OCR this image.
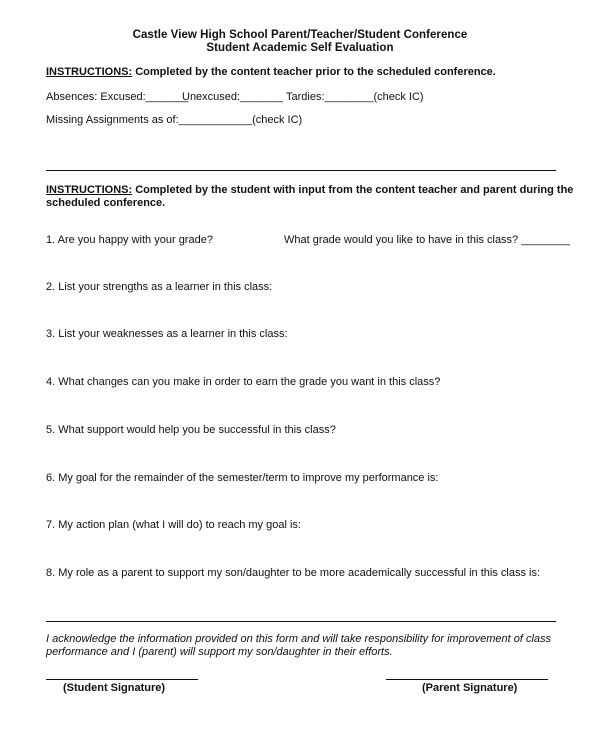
Castle View High School Parent/Teacher/Student Conference
Student Academic Self Evaluation
INSTRUCTIONS: Completed by the content teacher prior to the scheduled conference.
Absences: Excused:_______
Unexcused:_______ Tardies:________(check IC)
Missing Assignments as of:____________(check IC)
INSTRUCTIONS: Completed by the student with input from the content teacher and parent during the
scheduled conference.
1. Are you happy with your grade?	What grade would you like to have in this class? ________
2. List your strengths as a learner in this class:
3. List your weaknesses as a learner in this class:
4. What changes can you make in order to earn the grade you want in this class?
5. What support would help you be successful in this class?
6. My goal for the remainder of the semester/term to improve my performance is:
7. My action plan (what I will do) to reach my goal is:
8. My role as a parent to support my son/daughter to be more academically successful in this class is:
I acknowledge the information provided on this form and will take responsibility for improvement of class
performance and I (parent) will support my son/daughter in their efforts.
(Student Signature)	(Parent Signature)
